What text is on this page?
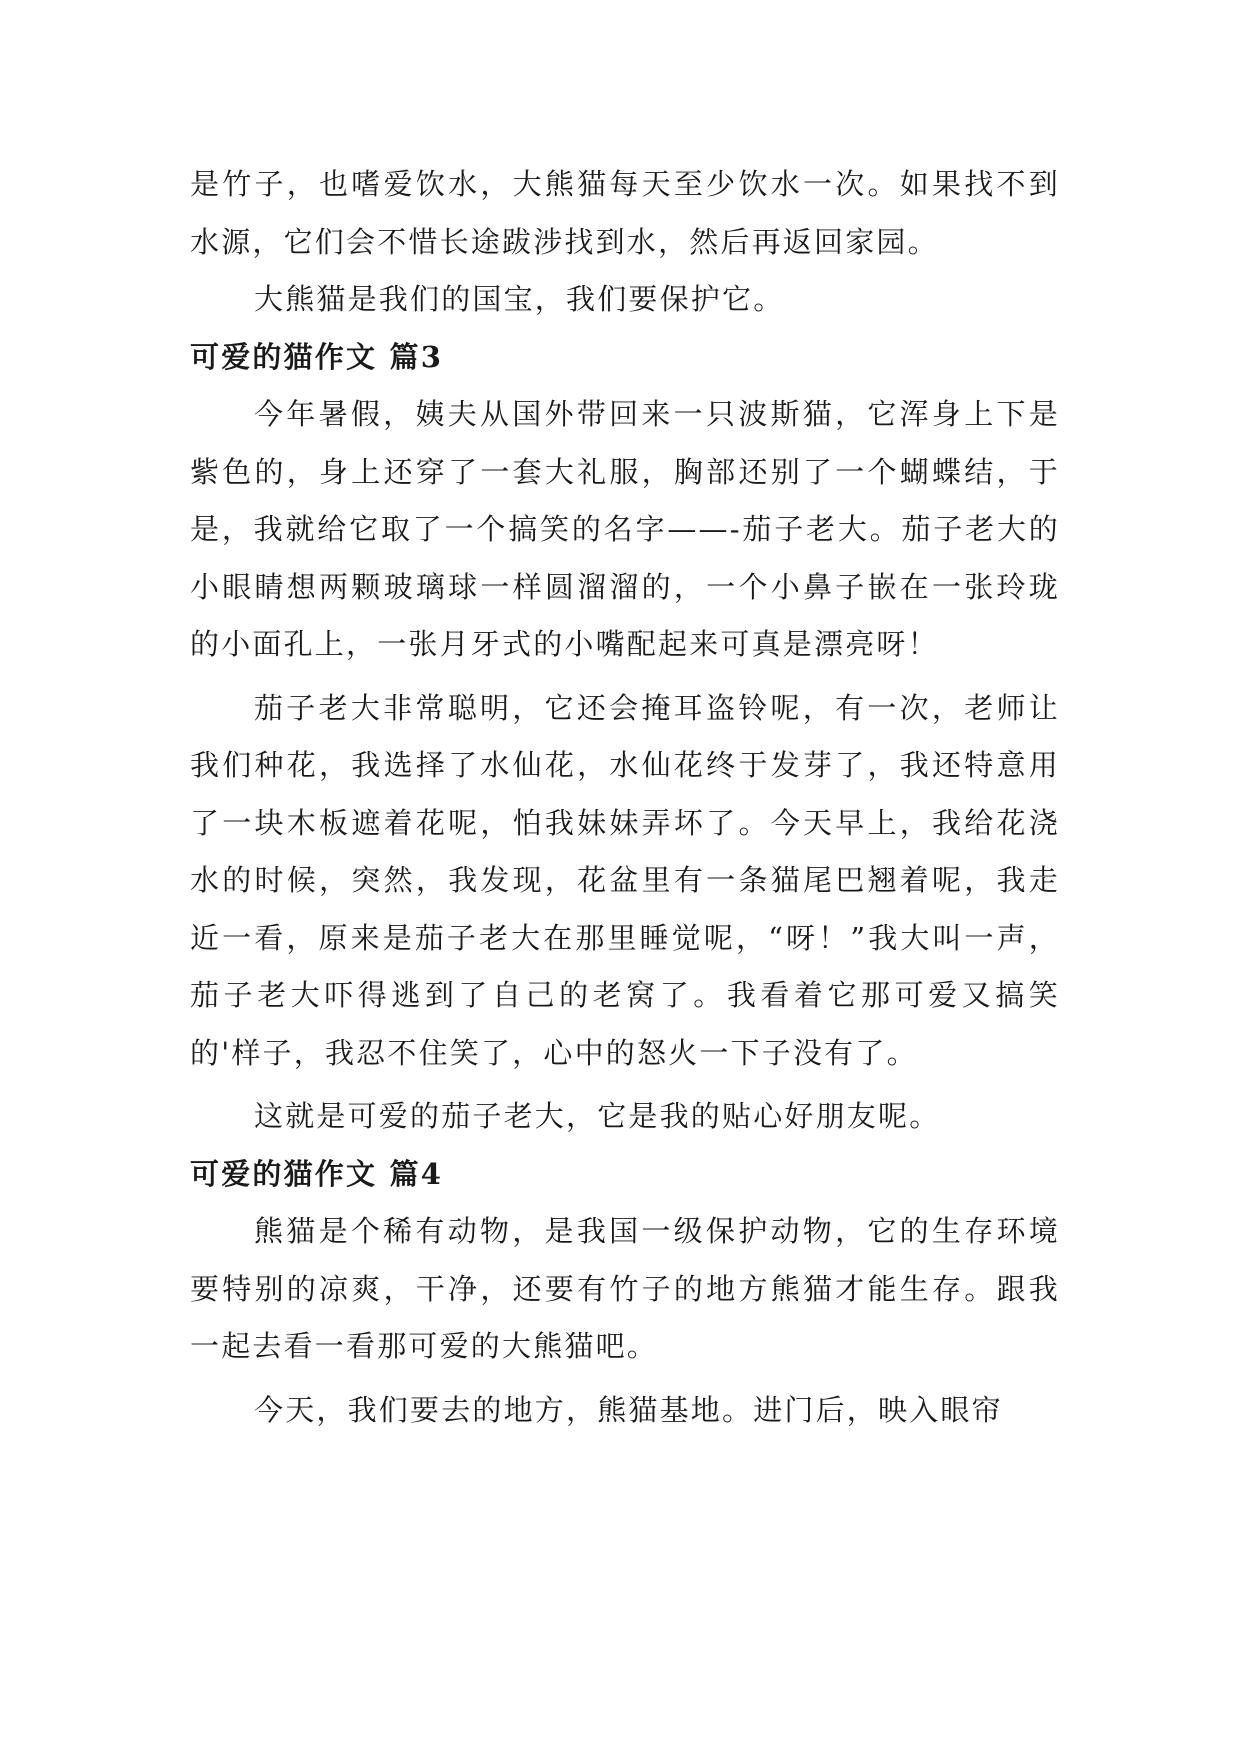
是竹子，也嗜爱饮水，大熊猫每天至少饮水一次。如果找不到水源，它们会不惜长途跋涉找到水，然后再返回家园。

大熊猫是我们的国宝，我们要保护它。

可爱的猫作文 篇3

今年暑假，姨夫从国外带回来一只波斯猫，它浑身上下是紫色的，身上还穿了一套大礼服，胸部还别了一个蝴蝶结，于是，我就给它取了一个搞笑的名字——-茄子老大。茄子老大的小眼睛想两颗玻璃球一样圆溜溜的，一个小鼻子嵌在一张玲珑的小面孔上，一张月牙式的小嘴配起来可真是漂亮呀！

茄子老大非常聪明，它还会掩耳盗铃呢，有一次，老师让我们种花，我选择了水仙花，水仙花终于发芽了，我还特意用了一块木板遮着花呢，怕我妹妹弄坏了。今天早上，我给花浇水的时候，突然，我发现，花盆里有一条猫尾巴翘着呢，我走近一看，原来是茄子老大在那里睡觉呢，“呀！”我大叫一声，茄子老大吓得逃到了自己的老窝了。我看着它那可爱又搞笑的'样子，我忍不住笑了，心中的怒火一下子没有了。

这就是可爱的茄子老大，它是我的贴心好朋友呢。

可爱的猫作文 篇4

熊猫是个稀有动物，是我国一级保护动物，它的生存环境要特别的凉爽，干净，还要有竹子的地方熊猫才能生存。跟我一起去看一看那可爱的大熊猫吧。

今天，我们要去的地方，熊猫基地。进门后，映入眼帘
